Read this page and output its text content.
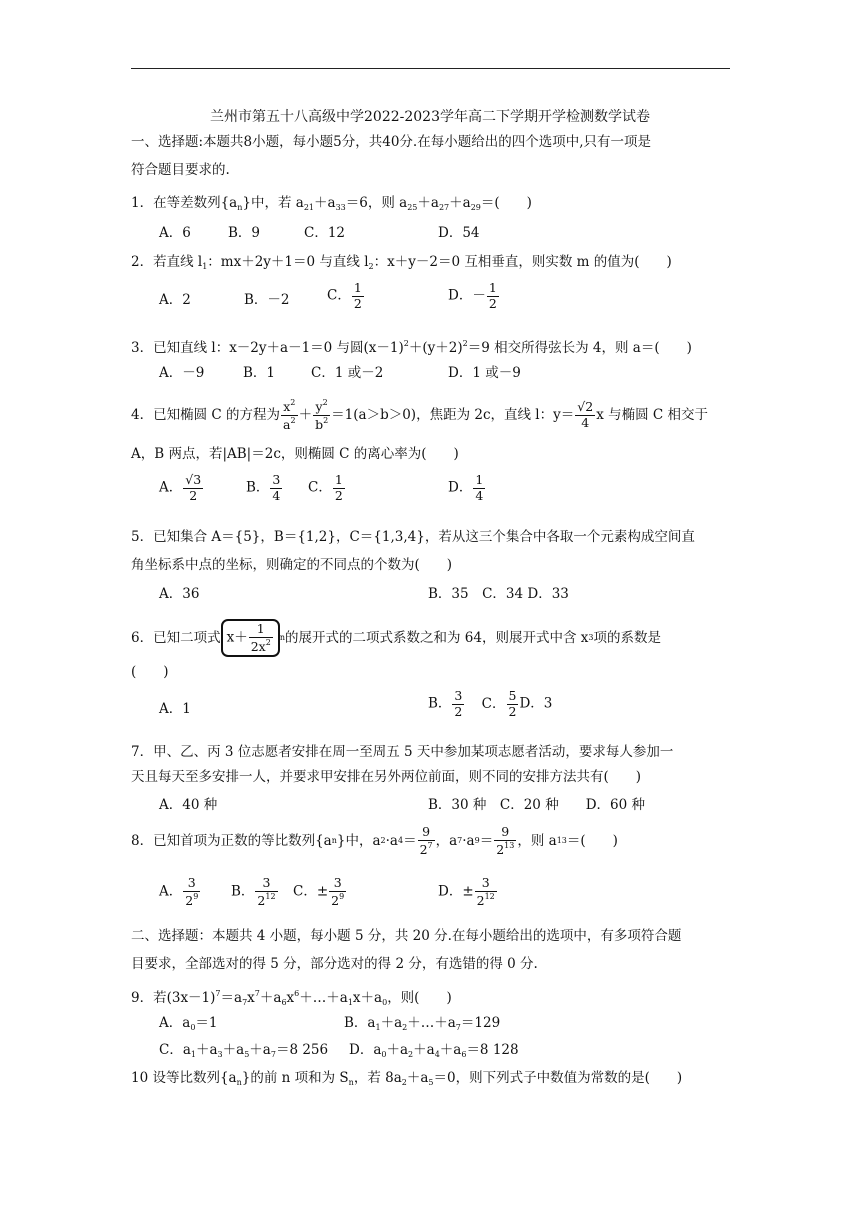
兰州市第五十八高级中学2022-2023学年高二下学期开学检测数学试卷
一、选择题:本题共8小题，每小题5分，共40分.在每小题给出的四个选项中,只有一项是
符合题目要求的.
1．在等差数列$\{a_n\}$中，若 $a_{21}+a_{33}=6$，则 $a_{25}+a_{27}+a_{29}=$(　　)
A．6	B．9	C．12	D．54
2．若直线 $l_1$：mx＋2y＋1＝0 与直线 $l_2$：x＋y－2＝0 互相垂直，则实数 m 的值为(　　)
A．2	B．－2	C． $\frac{1}{2}$	D．－ $\frac{1}{2}$
3．已知直线 l：x－2y＋a－1＝0 与圆$(x-1)^2+(y+2)^2=9$ 相交所得弦长为 4，则 a＝(　　)
A．－9	B．1	C．1 或－2	D．1 或－9
4．已知椭圆 C 的方程为 $\frac{x^2}{a^2} + \frac{y^2}{b^2} =1(a>b>0)$，焦距为 2c，直线 l：$y= \frac{√2}{4}$ x 与椭圆 C 相交于
A，B 两点，若|AB|＝2c，则椭圆 C 的离心率为(　　)
A． $\frac{√3}{2}$	B． $\frac{3}{4}$ C． $\frac{1}{2}$	D． $\frac{1}{4}$
5．已知集合 A＝{5}，B＝{1,2}，C＝{1,3,4}，若从这三个集合中各取一个元素构成空间直
角坐标系中点的坐标，则确定的不同点的个数为(　　)
A．36	B．35　C．34 D．33
6．已知二项式 $x+ \frac{1}{2x^2}$ n 的展开式的二项式系数之和为 64，则展开式中含 x 3 项的系数是
(　　)
A．1	B． $\frac{3}{2}$ C． $\frac{5}{2}$ D．3
7．甲、乙、丙 3 位志愿者安排在周一至周五 5 天中参加某项志愿者活动，要求每人参加一
天且每天至多安排一人，并要求甲安排在另外两位前面，则不同的安排方法共有(　　)
A．40 种	B．30 种　C．20 种　　D．60 种
8．已知首项为正数的等比数列{a n }中，a 2 ·a $4 = \frac{9}{2^7}$ ，a 7 ·a $9 = \frac{9}{2^{13}}$ ，则 a 13 ＝(　　)
A． $\frac{3}{2^9}$ B． $\frac{3}{2^{12}}$ C．± $\frac{3}{2^9}$	D．± $\frac{3}{2^{12}}$
二、选择题：本题共 4 小题，每小题 5 分，共 20 分.在每小题给出的选项中，有多项符合题
目要求，全部选对的得 5 分，部分选对的得 2 分，有选错的得 0 分.
9．若$(3x-1)^7=a_7x^7+a_6x^6+\dots+a_1x+a_0$，则(　　)
A．$a_0=1$	B．$a_1+a_2+\dots+a_7=129$
C．$a_1+a_3+a_5+a_7=8$ 256 D．$a_0+a_2+a_4+a_6=8$ 128
10 设等比数列$\{a_n\}$的前 n 项和为 $S_n$，若 $8a_2+a_5=0$，则下列式子中数值为常数的是(　　)
